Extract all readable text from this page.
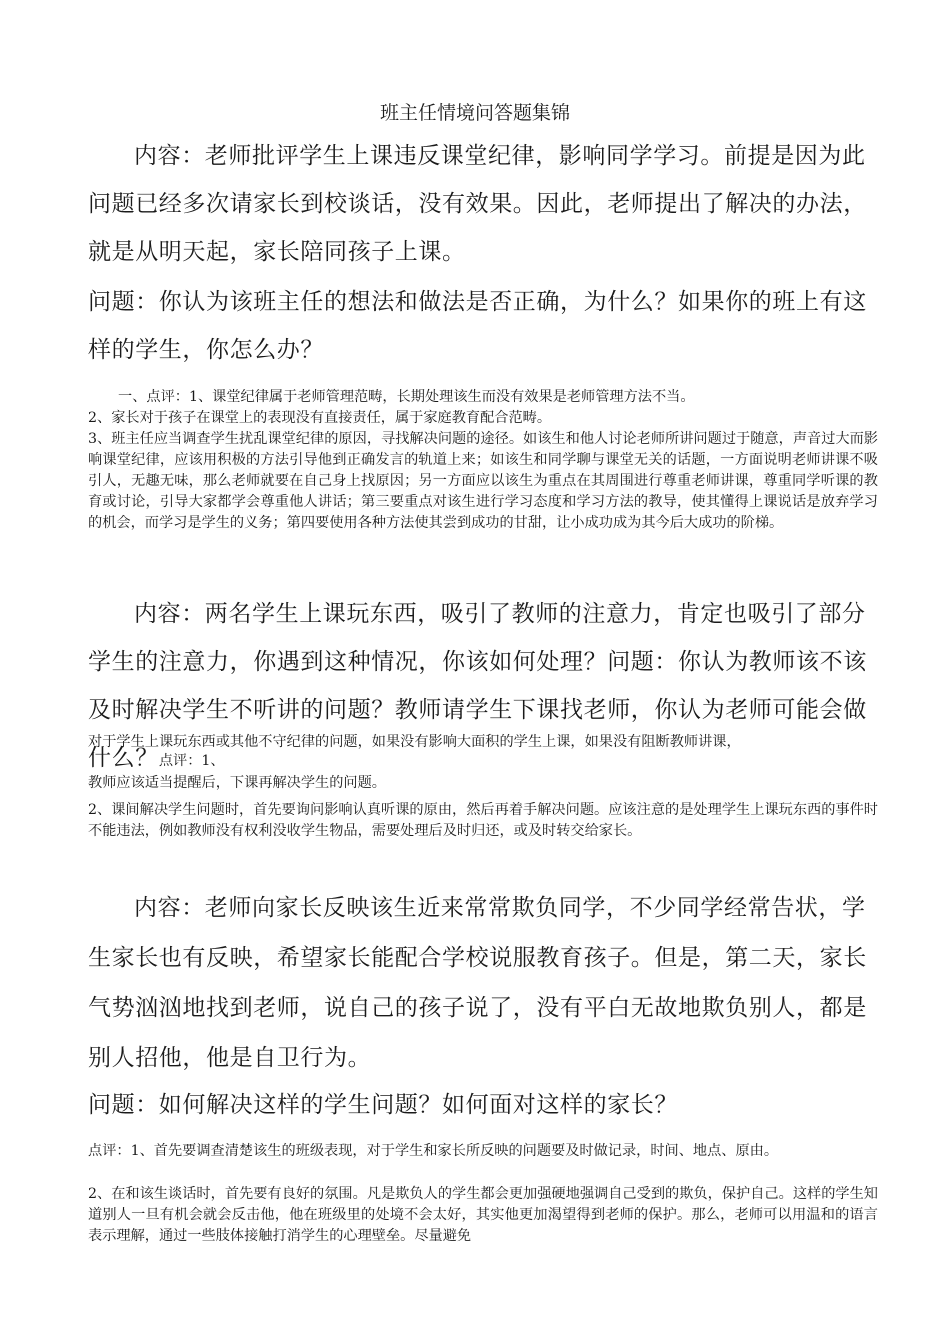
班主任情境问答题集锦

内容：老师批评学生上课违反课堂纪律，影响同学学习。前提是因为此问题已经多次请家长到校谈话，没有效果。因此，老师提出了解决的办法，就是从明天起，家长陪同孩子上课。

问题：你认为该班主任的想法和做法是否正确，为什么？如果你的班上有这样的学生，你怎么办？

一、点评：1、课堂纪律属于老师管理范畴，长期处理该生而没有效果是老师管理方法不当。
2、家长对于孩子在课堂上的表现没有直接责任，属于家庭教育配合范畴。
3、班主任应当调查学生扰乱课堂纪律的原因，寻找解决问题的途径。如该生和他人讨论老师所讲问题过于随意，声音过大而影响课堂纪律，应该用积极的方法引导他到正确发言的轨道上来；如该生和同学聊与课堂无关的话题，一方面说明老师讲课不吸引人，无趣无味，那么老师就要在自己身上找原因；另一方面应以该生为重点在其周围进行尊重老师讲课，尊重同学听课的教育或讨论，引导大家都学会尊重他人讲话；第三要重点对该生进行学习态度和学习方法的教导，使其懂得上课说话是放弃学习的机会，而学习是学生的义务；第四要使用各种方法使其尝到成功的甘甜，让小成功成为其今后大成功的阶梯。

内容：两名学生上课玩东西，吸引了教师的注意力，肯定也吸引了部分学生的注意力，你遇到这种情况，你该如何处理？问题：你认为教师该不该及时解决学生不听讲的问题？教师请学生下课找老师，你认为老师可能会做什么？点评：1、

对于学生上课玩东西或其他不守纪律的问题，如果没有影响大面积的学生上课，如果没有阻断教师讲课，

教师应该适当提醒后，下课再解决学生的问题。

2、课间解决学生问题时，首先要询问影响认真听课的原由，然后再着手解决问题。应该注意的是处理学生上课玩东西的事件时不能违法，例如教师没有权利没收学生物品，需要处理后及时归还，或及时转交给家长。

内容：老师向家长反映该生近来常常欺负同学，不少同学经常告状，学生家长也有反映，希望家长能配合学校说服教育孩子。但是，第二天，家长气势汹汹地找到老师，说自己的孩子说了，没有平白无故地欺负别人，都是别人招他，他是自卫行为。

问题：如何解决这样的学生问题？如何面对这样的家长？

点评：1、首先要调查清楚该生的班级表现，对于学生和家长所反映的问题要及时做记录，时间、地点、原由。

2、在和该生谈话时，首先要有良好的氛围。凡是欺负人的学生都会更加强硬地强调自己受到的欺负，保护自己。这样的学生知道别人一旦有机会就会反击他，他在班级里的处境不会太好，其实他更加渴望得到老师的保护。那么，老师可以用温和的语言表示理解，通过一些肢体接触打消学生的心理壁垒。尽量避免
